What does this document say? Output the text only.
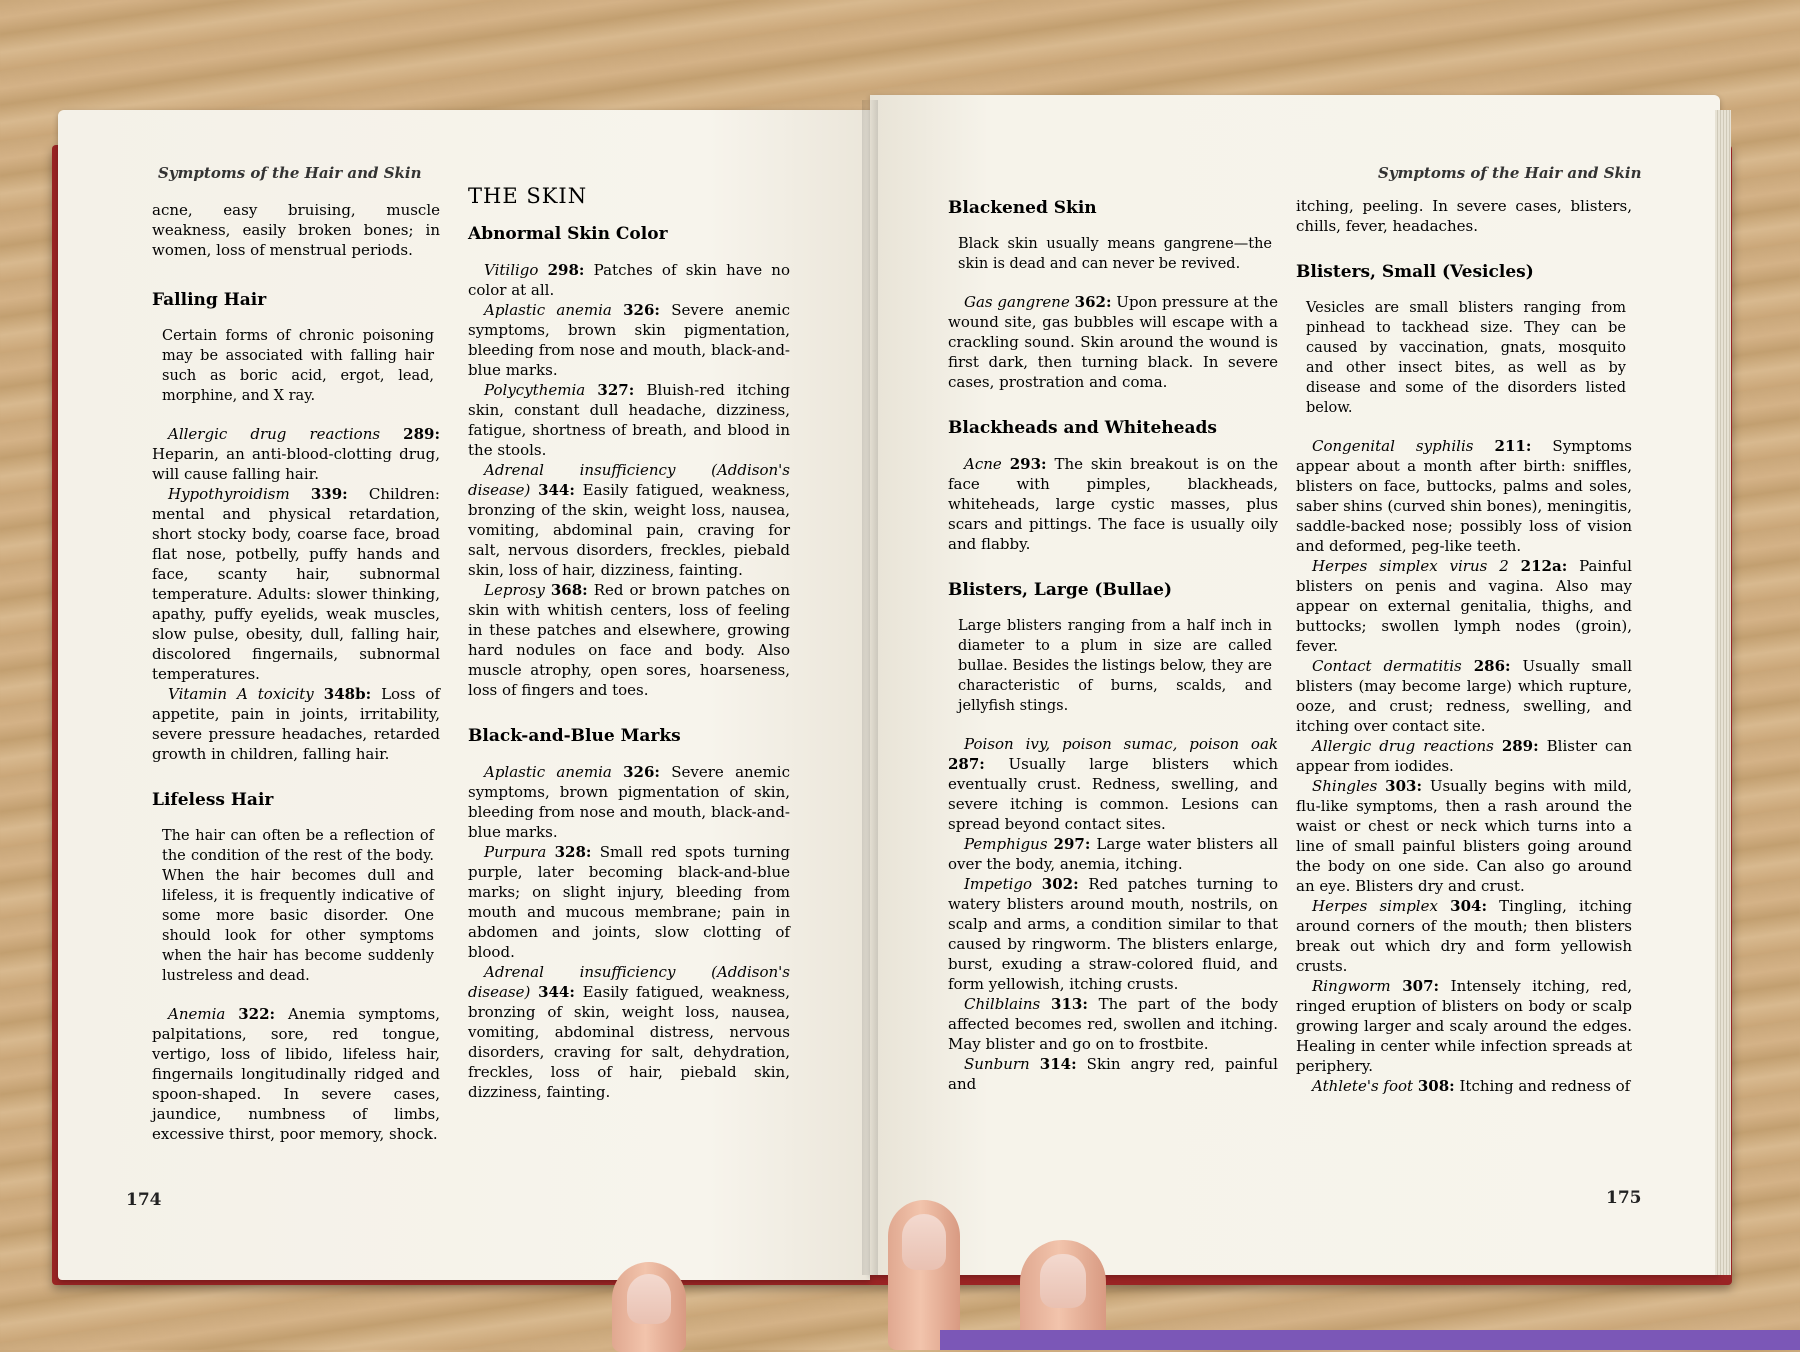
Symptoms of the Hair and Skin

acne, easy bruising, muscle weakness, easily broken bones; in women, loss of menstrual periods.

Falling Hair

Certain forms of chronic poisoning may be associated with falling hair such as boric acid, ergot, lead, morphine, and X ray.

Allergic drug reactions 289: Heparin, an anti-blood-clotting drug, will cause falling hair.

Hypothyroidism 339: Children: mental and physical retardation, short stocky body, coarse face, broad flat nose, potbelly, puffy hands and face, scanty hair, subnormal temperature. Adults: slower thinking, apathy, puffy eyelids, weak muscles, slow pulse, obesity, dull, falling hair, discolored fingernails, subnormal temperatures.

Vitamin A toxicity 348b: Loss of appetite, pain in joints, irritability, severe pressure headaches, retarded growth in children, falling hair.

Lifeless Hair

The hair can often be a reflection of the condition of the rest of the body. When the hair becomes dull and lifeless, it is frequently indicative of some more basic disorder. One should look for other symptoms when the hair has become suddenly lustreless and dead.

Anemia 322: Anemia symptoms, palpitations, sore, red tongue, vertigo, loss of libido, lifeless hair, fingernails longitudinally ridged and spoon-shaped. In severe cases, jaundice, numbness of limbs, excessive thirst, poor memory, shock.

THE SKIN
Abnormal Skin Color

Vitiligo 298: Patches of skin have no color at all.

Aplastic anemia 326: Severe anemic symptoms, brown skin pigmentation, bleeding from nose and mouth, black-and-blue marks.

Polycythemia 327: Bluish-red itching skin, constant dull headache, dizziness, fatigue, shortness of breath, and blood in the stools.

Adrenal insufficiency (Addison's disease) 344: Easily fatigued, weakness, bronzing of the skin, weight loss, nausea, vomiting, abdominal pain, craving for salt, nervous disorders, freckles, piebald skin, loss of hair, dizziness, fainting.

Leprosy 368: Red or brown patches on skin with whitish centers, loss of feeling in these patches and elsewhere, growing hard nodules on face and body. Also muscle atrophy, open sores, hoarseness, loss of fingers and toes.

Black-and-Blue Marks

Aplastic anemia 326: Severe anemic symptoms, brown pigmentation of skin, bleeding from nose and mouth, black-and-blue marks.

Purpura 328: Small red spots turning purple, later becoming black-and-blue marks; on slight injury, bleeding from mouth and mucous membrane; pain in abdomen and joints, slow clotting of blood.

Adrenal insufficiency (Addison's disease) 344: Easily fatigued, weakness, bronzing of skin, weight loss, nausea, vomiting, abdominal distress, nervous disorders, craving for salt, dehydration, freckles, loss of hair, piebald skin, dizziness, fainting.

174
Symptoms of the Hair and Skin
Blackened Skin

Black skin usually means gangrene—the skin is dead and can never be revived.

Gas gangrene 362: Upon pressure at the wound site, gas bubbles will escape with a crackling sound. Skin around the wound is first dark, then turning black. In severe cases, prostration and coma.

Blackheads and Whiteheads

Acne 293: The skin breakout is on the face with pimples, blackheads, whiteheads, large cystic masses, plus scars and pittings. The face is usually oily and flabby.

Blisters, Large (Bullae)

Large blisters ranging from a half inch in diameter to a plum in size are called bullae. Besides the listings below, they are characteristic of burns, scalds, and jellyfish stings.

Poison ivy, poison sumac, poison oak 287: Usually large blisters which eventually crust. Redness, swelling, and severe itching is common. Lesions can spread beyond contact sites.

Pemphigus 297: Large water blisters all over the body, anemia, itching.

Impetigo 302: Red patches turning to watery blisters around mouth, nostrils, on scalp and arms, a condition similar to that caused by ringworm. The blisters enlarge, burst, exuding a straw-colored fluid, and form yellowish, itching crusts.

Chilblains 313: The part of the body affected becomes red, swollen and itching. May blister and go on to frostbite.

Sunburn 314: Skin angry red, painful and

itching, peeling. In severe cases, blisters, chills, fever, headaches.

Blisters, Small (Vesicles)

Vesicles are small blisters ranging from pinhead to tackhead size. They can be caused by vaccination, gnats, mosquito and other insect bites, as well as by disease and some of the disorders listed below.

Congenital syphilis 211: Symptoms appear about a month after birth: sniffles, blisters on face, buttocks, palms and soles, saber shins (curved shin bones), meningitis, saddle-backed nose; possibly loss of vision and deformed, peg-like teeth.

Herpes simplex virus 2 212a: Painful blisters on penis and vagina. Also may appear on external genitalia, thighs, and buttocks; swollen lymph nodes (groin), fever.

Contact dermatitis 286: Usually small blisters (may become large) which rupture, ooze, and crust; redness, swelling, and itching over contact site.

Allergic drug reactions 289: Blister can appear from iodides.

Shingles 303: Usually begins with mild, flu-like symptoms, then a rash around the waist or chest or neck which turns into a line of small painful blisters going around the body on one side. Can also go around an eye. Blisters dry and crust.

Herpes simplex 304: Tingling, itching around corners of the mouth; then blisters break out which dry and form yellowish crusts.

Ringworm 307: Intensely itching, red, ringed eruption of blisters on body or scalp growing larger and scaly around the edges. Healing in center while infection spreads at periphery.

Athlete's foot 308: Itching and redness of

175
